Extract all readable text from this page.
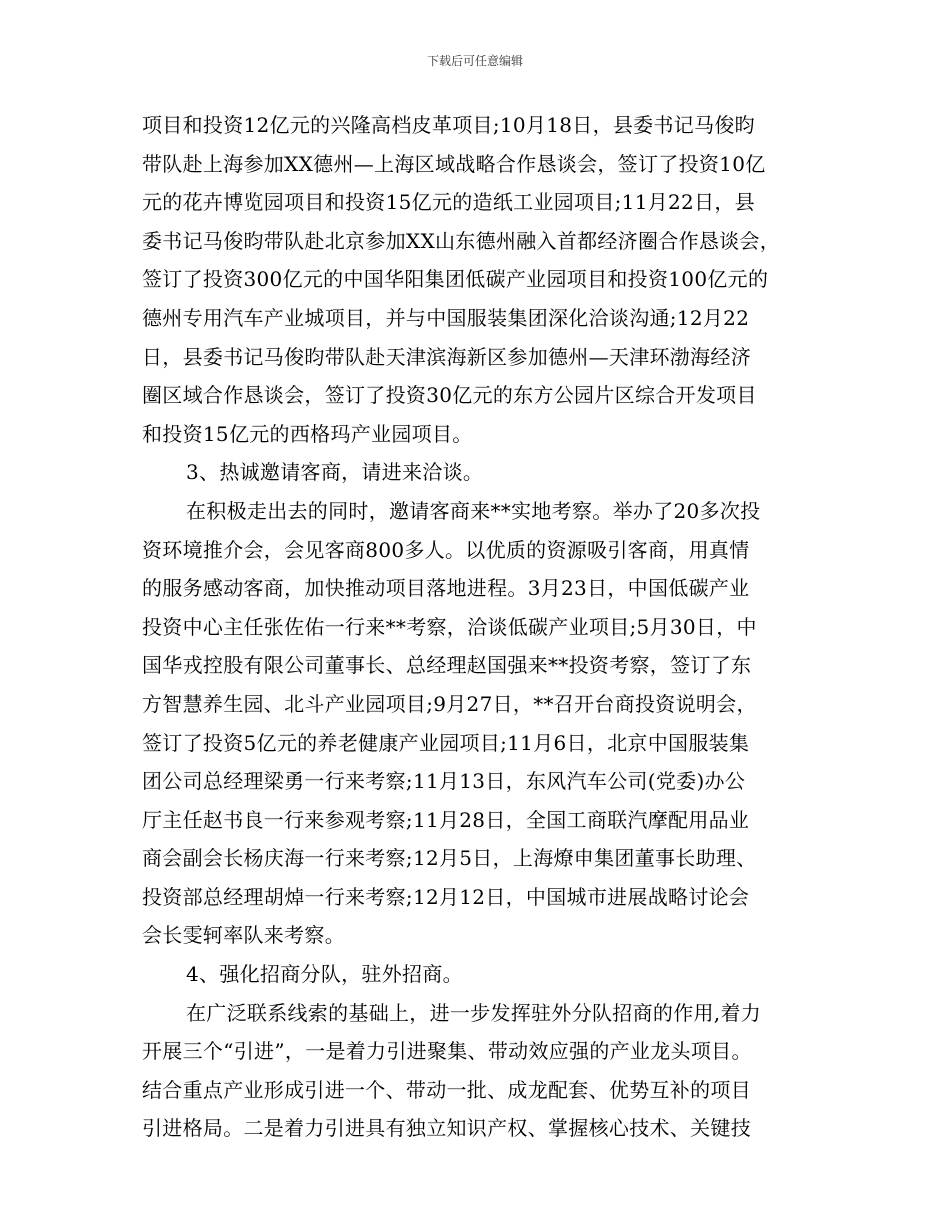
下载后可任意编辑
项目和投资12亿元的兴隆高档皮革项目;10月18日，县委书记马俊昀
带队赴上海参加XX德州—上海区域战略合作恳谈会，签订了投资10亿
元的花卉博览园项目和投资15亿元的造纸工业园项目;11月22日，县
委书记马俊昀带队赴北京参加XX山东德州融入首都经济圈合作恳谈会，
签订了投资300亿元的中国华阳集团低碳产业园项目和投资100亿元的
德州专用汽车产业城项目，并与中国服装集团深化洽谈沟通;12月22
日，县委书记马俊昀带队赴天津滨海新区参加德州—天津环渤海经济
圈区域合作恳谈会，签订了投资30亿元的东方公园片区综合开发项目
和投资15亿元的西格玛产业园项目。
3、热诚邀请客商，请进来洽谈。
在积极走出去的同时，邀请客商来**实地考察。举办了20多次投
资环境推介会，会见客商800多人。以优质的资源吸引客商，用真情
的服务感动客商，加快推动项目落地进程。3月23日，中国低碳产业
投资中心主任张佐佑一行来**考察，洽谈低碳产业项目;5月30日，中
国华戎控股有限公司董事长、总经理赵国强来**投资考察，签订了东
方智慧养生园、北斗产业园项目;9月27日，**召开台商投资说明会，
签订了投资5亿元的养老健康产业园项目;11月6日，北京中国服装集
团公司总经理梁勇一行来考察;11月13日，东风汽车公司(党委)办公
厅主任赵书良一行来参观考察;11月28日，全国工商联汽摩配用品业
商会副会长杨庆海一行来考察;12月5日，上海燎申集团董事长助理、
投资部总经理胡焯一行来考察;12月12日，中国城市进展战略讨论会
会长雯轲率队来考察。
4、强化招商分队，驻外招商。
在广泛联系线索的基础上，进一步发挥驻外分队招商的作用,着力
开展三个“引进”，一是着力引进聚集、带动效应强的产业龙头项目。
结合重点产业形成引进一个、带动一批、成龙配套、优势互补的项目
引进格局。二是着力引进具有独立知识产权、掌握核心技术、关键技
